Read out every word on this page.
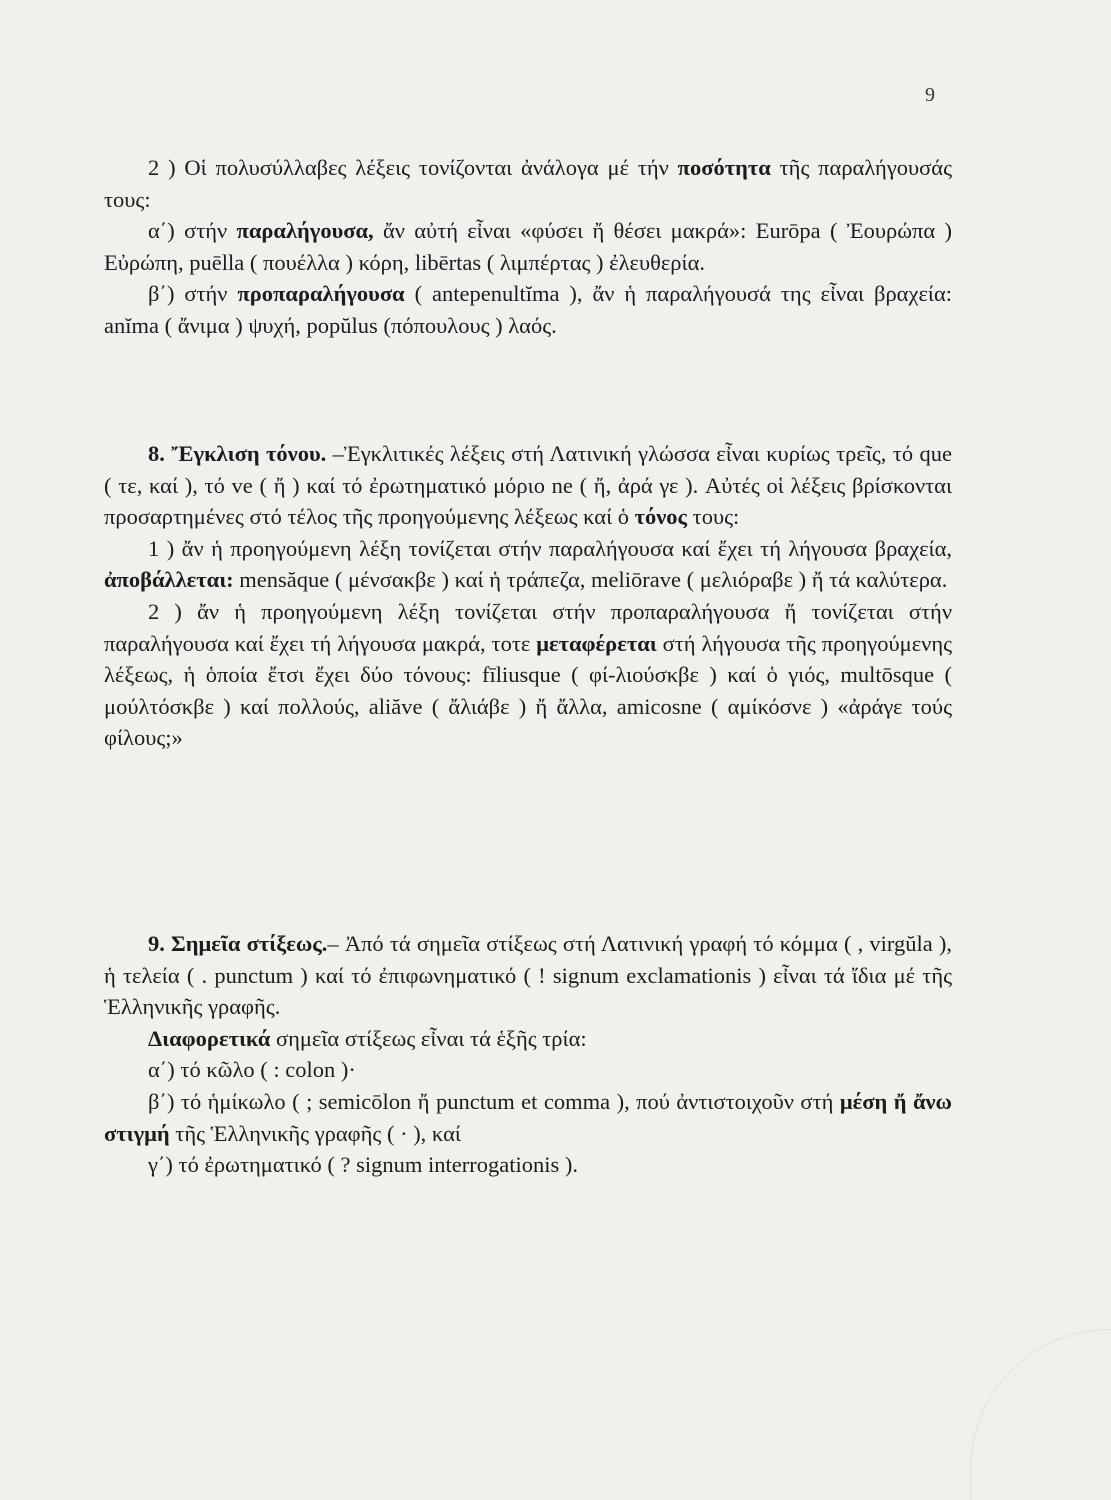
9

2 ) Οἱ πολυσύλλαβες λέξεις τονίζονται ἀνάλογα μέ τήν ποσότητα τῆς παραλήγουσάς τους:

α΄) στήν παραλήγουσα, ἄν αὐτή εἶναι «φύσει ἤ θέσει μακρά»: Eurōpa ( Ἐουρώπα ) Εὐρώπη, puēlla ( πουέλλα ) κόρη, libērtas ( λιμπέρτας ) ἐλευθερία.

β΄) στήν προπαραλήγουσα ( antepenultĭma ), ἄν ἡ παραλήγουσά της εἶναι βραχεία: anĭma ( ἄνιμα ) ψυχή, popŭlus (πόπουλους ) λαός.

8. Ἔγκλιση τόνου. –Ἐγκλιτικές λέξεις στή Λατινική γλώσσα εἶναι κυρίως τρεῖς, τό que ( τε, καί ), τό ve ( ἤ ) καί τό ἐρωτηματικό μόριο ne ( ἤ, ἀρά γε ). Αὐτές οἱ λέξεις βρίσκονται προσαρτημένες στό τέλος τῆς προηγούμενης λέξεως καί ὁ τόνος τους:

1 ) ἄν ἡ προηγούμενη λέξη τονίζεται στήν παραλήγουσα καί ἔχει τή λήγουσα βραχεία, ἀποβάλλεται: mensăque ( μένσακβε ) καί ἡ τράπεζα, meliōrave ( μελιόραβε ) ἤ τά καλύτερα.

2 ) ἄν ἡ προηγούμενη λέξη τονίζεται στήν προπαραλήγουσα ἤ τονίζεται στήν παραλήγουσα καί ἔχει τή λήγουσα μακρά, τοτε μεταφέρεται στή λήγουσα τῆς προηγούμενης λέξεως, ἡ ὁποία ἔτσι ἔχει δύο τόνους: fīliusque ( φί-λιούσκβε ) καί ὁ γιός, multōsque ( μούλτόσκβε ) καί πολλούς, aliăve ( ἄλιάβε ) ἤ ἄλλα, amicosne ( αμίκόσνε ) «ἀράγε τούς φίλους;»

9. Σημεῖα στίξεως.– Ἀπό τά σημεῖα στίξεως στή Λατινική γραφή τό κόμμα ( , virgŭla ), ἡ τελεία ( . punctum ) καί τό ἐπιφωνηματικό ( ! signum exclamationis ) εἶναι τά ἴδια μέ τῆς Ἑλληνικῆς γραφῆς.

Διαφορετικά σημεῖα στίξεως εἶναι τά ἑξῆς τρία:

α΄) τό κῶλο ( : colon )·

β΄) τό ἡμίκωλο ( ; semicōlon ἤ punctum et comma ), πού ἀντιστοιχοῦν στή μέση ἤ ἄνω στιγμή τῆς Ἑλληνικῆς γραφῆς ( · ), καί

γ΄) τό ἐρωτηματικό ( ? signum interrogationis ).
